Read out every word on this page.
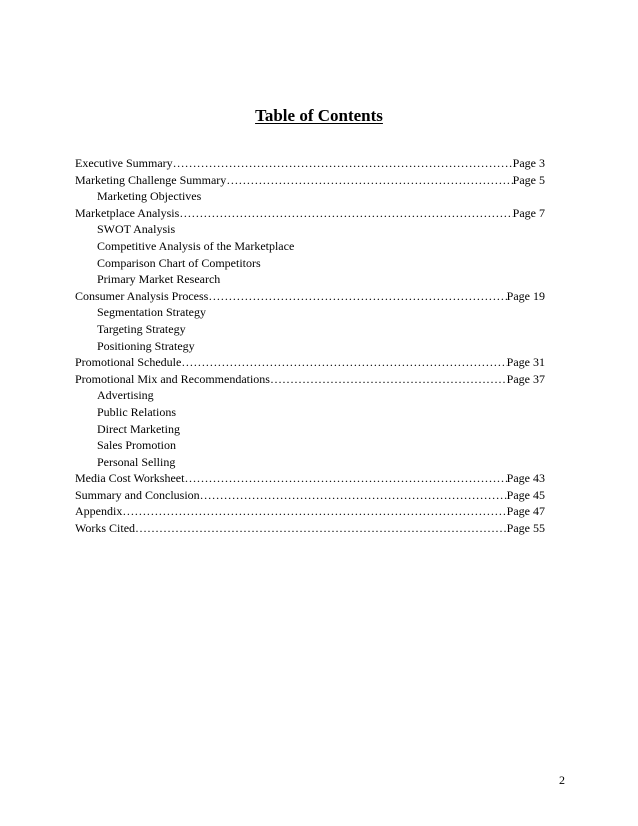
Table of Contents
Executive Summary ……………………………………………………………………………………………………………………………………………………………………………	Page 3
Marketing Challenge Summary ……………………………………………………………………………………………………………………………………………………………………………	Page 5
Marketing Objectives
Marketplace Analysis ……………………………………………………………………………………………………………………………………………………………………………	Page 7
SWOT Analysis
Competitive Analysis of the Marketplace
Comparison Chart of Competitors
Primary Market Research
Consumer Analysis Process ……………………………………………………………………………………………………………………………………………………………………………	Page 19
Segmentation Strategy
Targeting Strategy
Positioning Strategy
Promotional Schedule ……………………………………………………………………………………………………………………………………………………………………………	Page 31
Promotional Mix and Recommendations ……………………………………………………………………………………………………………………………………………………………………………	Page 37
Advertising
Public Relations
Direct Marketing
Sales Promotion
Personal Selling
Media Cost Worksheet ……………………………………………………………………………………………………………………………………………………………………………	Page 43
Summary and Conclusion ……………………………………………………………………………………………………………………………………………………………………………	Page 45
Appendix ……………………………………………………………………………………………………………………………………………………………………………	Page 47
Works Cited ……………………………………………………………………………………………………………………………………………………………………………	Page 55
2
